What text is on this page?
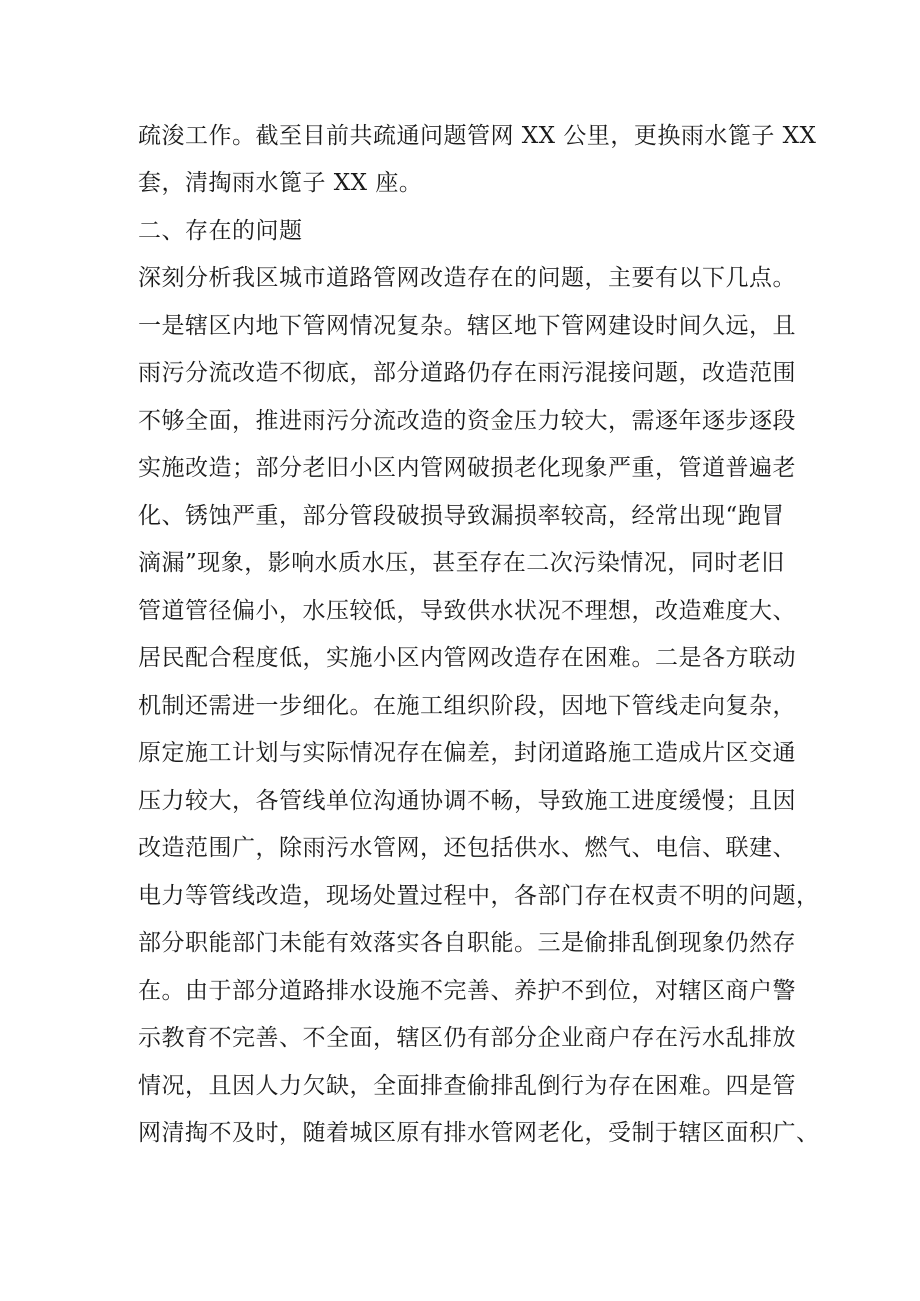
疏浚工作。截至目前共疏通问题管网 XX 公里，更换雨水篦子 XX
套，清掏雨水篦子 XX 座。
二、存在的问题
深刻分析我区城市道路管网改造存在的问题，主要有以下几点。
一是辖区内地下管网情况复杂。辖区地下管网建设时间久远，且
雨污分流改造不彻底，部分道路仍存在雨污混接问题，改造范围
不够全面，推进雨污分流改造的资金压力较大，需逐年逐步逐段
实施改造；部分老旧小区内管网破损老化现象严重，管道普遍老
化、锈蚀严重，部分管段破损导致漏损率较高，经常出现“跑冒
滴漏”现象，影响水质水压，甚至存在二次污染情况，同时老旧
管道管径偏小，水压较低，导致供水状况不理想，改造难度大、
居民配合程度低，实施小区内管网改造存在困难。二是各方联动
机制还需进一步细化。在施工组织阶段，因地下管线走向复杂，
原定施工计划与实际情况存在偏差，封闭道路施工造成片区交通
压力较大，各管线单位沟通协调不畅，导致施工进度缓慢；且因
改造范围广，除雨污水管网，还包括供水、燃气、电信、联建、
电力等管线改造，现场处置过程中，各部门存在权责不明的问题，
部分职能部门未能有效落实各自职能。三是偷排乱倒现象仍然存
在。由于部分道路排水设施不完善、养护不到位，对辖区商户警
示教育不完善、不全面，辖区仍有部分企业商户存在污水乱排放
情况，且因人力欠缺，全面排查偷排乱倒行为存在困难。四是管
网清掏不及时，随着城区原有排水管网老化，受制于辖区面积广、
